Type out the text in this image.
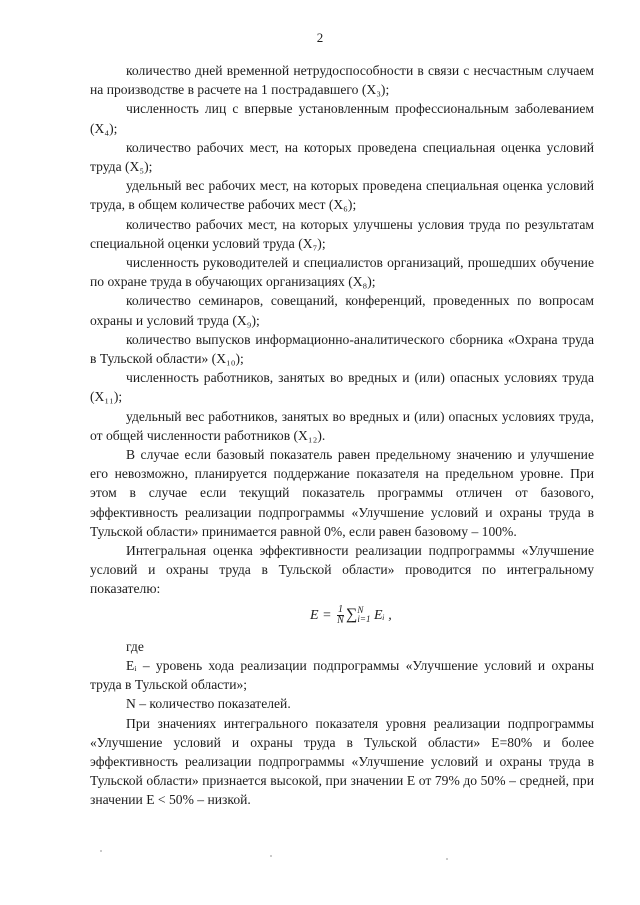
2

количество дней временной нетрудоспособности в связи с несчастным случаем на производстве в расчете на 1 пострадавшего (X₃);

численность лиц с впервые установленным профессиональным заболеванием (X₄);

количество рабочих мест, на которых проведена специальная оценка условий труда (X₅);

удельный вес рабочих мест, на которых проведена специальная оценка условий труда, в общем количестве рабочих мест (X₆);

количество рабочих мест, на которых улучшены условия труда по результатам специальной оценки условий труда (X₇);

численность руководителей и специалистов организаций, прошедших обучение по охране труда в обучающих организациях (X₈);

количество семинаров, совещаний, конференций, проведенных по вопросам охраны и условий труда (X₉);

количество выпусков информационно-аналитического сборника «Охрана труда в Тульской области» (X₁₀);

численность работников, занятых во вредных и (или) опасных условиях труда (X₁₁);

удельный вес работников, занятых во вредных и (или) опасных условиях труда, от общей численности работников (X₁₂).

В случае если базовый показатель равен предельному значению и улучшение его невозможно, планируется поддержание показателя на предельном уровне. При этом в случае если текущий показатель программы отличен от базового, эффективность реализации подпрограммы «Улучшение условий и охраны труда в Тульской области» принимается равной 0%, если равен базовому – 100%.

Интегральная оценка эффективности реализации подпрограммы «Улучшение условий и охраны труда в Тульской области» проводится по интегральному показателю:

$E = \frac{1}{N}$ ∑ N
i=1 Eᵢ ,

где

Eᵢ – уровень хода реализации подпрограммы «Улучшение условий и охраны труда в Тульской области»;

N – количество показателей.

При значениях интегрального показателя уровня реализации подпрограммы «Улучшение условий и охраны труда в Тульской области» E=80% и более эффективность реализации подпрограммы «Улучшение условий и охраны труда в Тульской области» признается высокой, при значении E от 79% до 50% – средней, при значении E < 50% – низкой.
